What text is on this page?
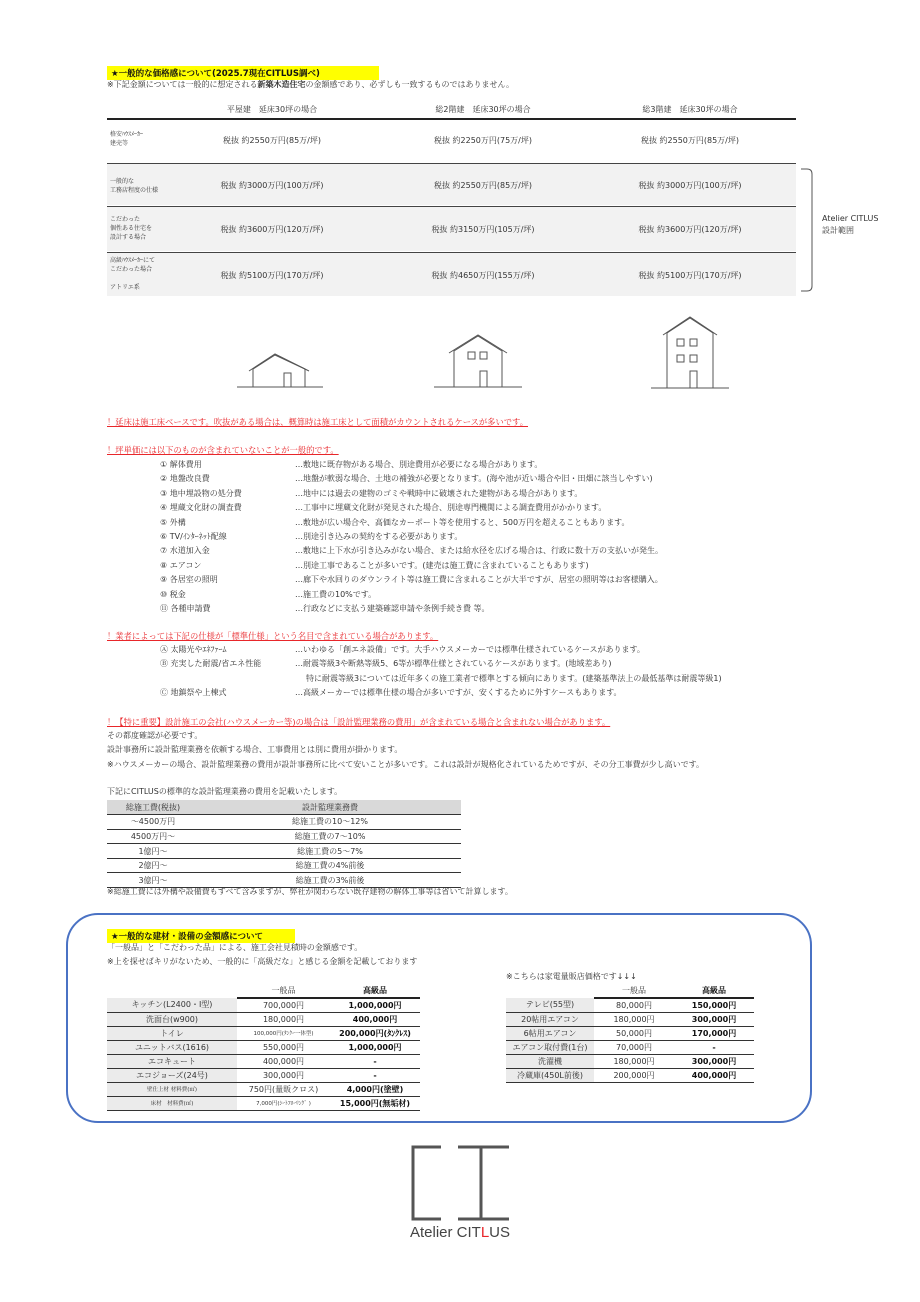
★一般的な価格感について(2025.7現在CITLUS調べ)
※下記金額については一般的に想定される新築木造住宅の金額感であり、必ずしも一致するものではありません。
平屋建　延床30坪の場合	総2階建　延床30坪の場合	総3階建　延床30坪の場合
格安ﾊｳｽﾒｰｶｰ
建売等	税抜 約2550万円(85万/坪)	税抜 約2250万円(75万/坪)	税抜 約2550万円(85万/坪)
一般的な
工務店程度の仕様
税抜 約3000万円(100万/坪)	税抜 約2550万円(85万/坪)	税抜 約3000万円(100万/坪)
こだわった
個性ある住宅を
設計する場合
税抜 約3600万円(120万/坪)	税抜 約3150万円(105万/坪)	税抜 約3600万円(120万/坪)
高級ﾊｳｽﾒｰｶｰにて
こだわった場合
アトリエ系
税抜 約5100万円(170万/坪)	税抜 約4650万円(155万/坪)	税抜 約5100万円(170万/坪)
Atelier CITLUS
設計範囲
！延床は施工床ベースです。吹抜がある場合は、概算時は施工床として面積がカウントされるケースが多いです。
！坪単価には以下のものが含まれていないことが一般的です。
① 解体費用	…敷地に既存物がある場合、別途費用が必要になる場合があります。
② 地盤改良費	…地盤が軟弱な場合、土地の補強が必要となります。(海や池が近い場合や旧・田畑に該当しやすい)
③ 地中埋設物の処分費	…地中には過去の建物のゴミや戦時中に破壊された建物がある場合があります。
④ 埋蔵文化財の調査費	…工事中に埋蔵文化財が発見された場合、別途専門機関による調査費用がかかります。
⑤ 外構	…敷地が広い場合や、高価なカーポート等を使用すると、500万円を超えることもあります。
⑥ TV/ｲﾝﾀｰﾈｯﾄ配線	…別途引き込みの契約をする必要があります。
⑦ 水道加入金	…敷地に上下水が引き込みがない場合、または給水径を広げる場合は、行政に数十万の支払いが発生。
⑧ エアコン	…別途工事であることが多いです。(建売は施工費に含まれていることもあります)
⑨ 各居室の照明	…廊下や水回りのダウンライト等は施工費に含まれることが大半ですが、居室の照明等はお客様購入。
⑩ 税金	…施工費の10%です。
⑪ 各種申請費	…行政などに支払う建築確認申請や条例手続き費 等。
！業者によっては下記の仕様が「標準仕様」という名目で含まれている場合があります。
Ⓐ 太陽光やｴﾈﾌｧｰﾑ	…いわゆる「創エネ設備」です。大手ハウスメーカーでは標準仕様されているケースがあります。
Ⓑ 充実した耐震/省エネ性能	…耐震等級3や断熱等級5、6等が標準仕様とされているケースがあります。(地域差あり)
特に耐震等級3については近年多くの施工業者で標準とする傾向にあります。(建築基準法上の最低基準は耐震等級1)
Ⓒ 地鎮祭や上棟式	…高級メーカーでは標準仕様の場合が多いですが、安くするために外すケースもあります。
！【特に重要】設計施工の会社(ハウスメーカー等)の場合は「設計監理業務の費用」が含まれている場合と含まれない場合があります。
その都度確認が必要です。
設計事務所に設計監理業務を依頼する場合、工事費用とは別に費用が掛かります。
※ハウスメーカーの場合、設計監理業務の費用が設計事務所に比べて安いことが多いです。これは設計が規格化されているためですが、その分工事費が少し高いです。
下記にCITLUSの標準的な設計監理業務の費用を記載いたします。
総施工費(税抜)	設計監理業務費
～4500万円	総施工費の10～12%
4500万円～	総施工費の7～10%
1億円～	総施工費の5～7%
2億円～	総施工費の4%前後
3億円～	総施工費の3%前後
※総施工費には外構や設備費もすべて含みますが、弊社が関わらない既存建物の解体工事等は省いて計算します。
★一般的な建材・設備の金額感について
「一般品」と「こだわった品」による、施工会社見積時の金額感です。
※上を探せばキリがないため、一般的に「高級だな」と感じる金額を記載しております
	一般品	高級品
キッチン(L2400・I型)	700,000円	1,000,000円
洗面台(w900)	180,000円	400,000円
トイレ	100,000円(ﾀﾝｸｰ一体型)	200,000円(ﾀﾝｸﾚｽ)
ユニットバス(1616)	550,000円	1,000,000円
エコキュート	400,000円	-
エコジョーズ(24号)	300,000円	-
壁仕上材 材料費(㎡)	750円(量販クロス)	4,000円(塗壁)
床材　材料費(㎡)	7,000円(ｼｰﾄﾌﾛｰﾘﾝｸﾞ )	15,000円(無垢材)
※こちらは家電量販店価格です↓↓↓
	一般品	高級品
テレビ(55型)	80,000円	150,000円
20帖用エアコン	180,000円	300,000円
6帖用エアコン	50,000円	170,000円
エアコン取付費(1台)	70,000円	-
洗濯機	180,000円	300,000円
冷蔵庫(450L前後)	200,000円	400,000円
Atelier CITLUS
